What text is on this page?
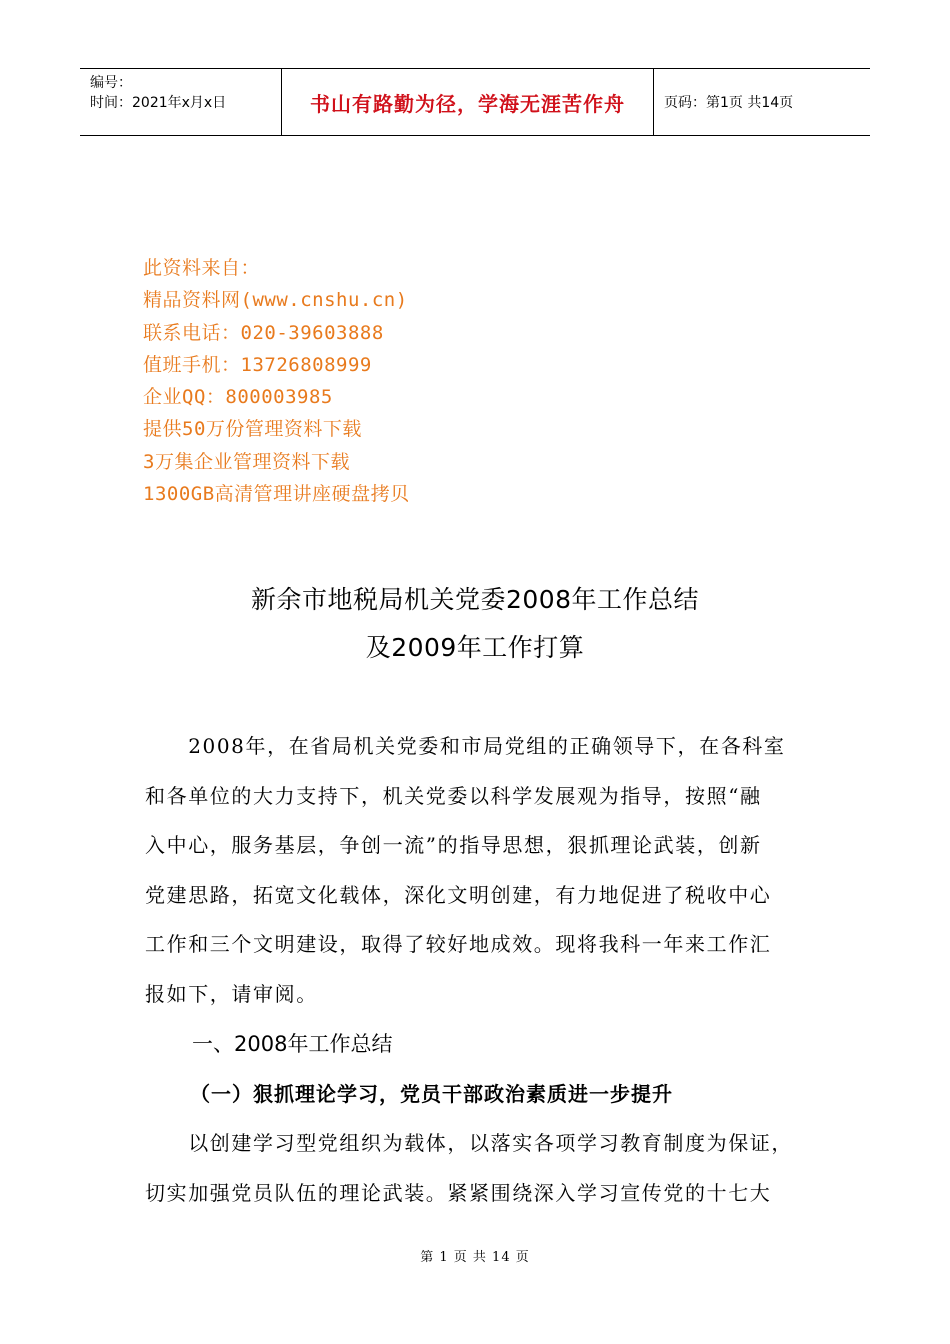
编号：
时间：2021年x月x日	书山有路勤为径，学海无涯苦作舟	页码：第1页 共14页
此资料来自：
精品资料网(www.cnshu.cn)
联系电话：020-39603888
值班手机：13726808999
企业QQ：800003985
提供50万份管理资料下载
3万集企业管理资料下载
1300GB高清管理讲座硬盘拷贝
新余市地税局机关党委2008年工作总结
及2009年工作打算
　　2008年，在省局机关党委和市局党组的正确领导下，在各科室
和各单位的大力支持下，机关党委以科学发展观为指导，按照“融
入中心，服务基层，争创一流”的指导思想，狠抓理论武装，创新
党建思路，拓宽文化载体，深化文明创建，有力地促进了税收中心
工作和三个文明建设，取得了较好地成效。现将我科一年来工作汇
报如下，请审阅。
一、2008年工作总结
（一）狠抓理论学习，党员干部政治素质进一步提升
　　以创建学习型党组织为载体，以落实各项学习教育制度为保证，
切实加强党员队伍的理论武装。紧紧围绕深入学习宣传党的十七大
第 1 页 共 14 页
